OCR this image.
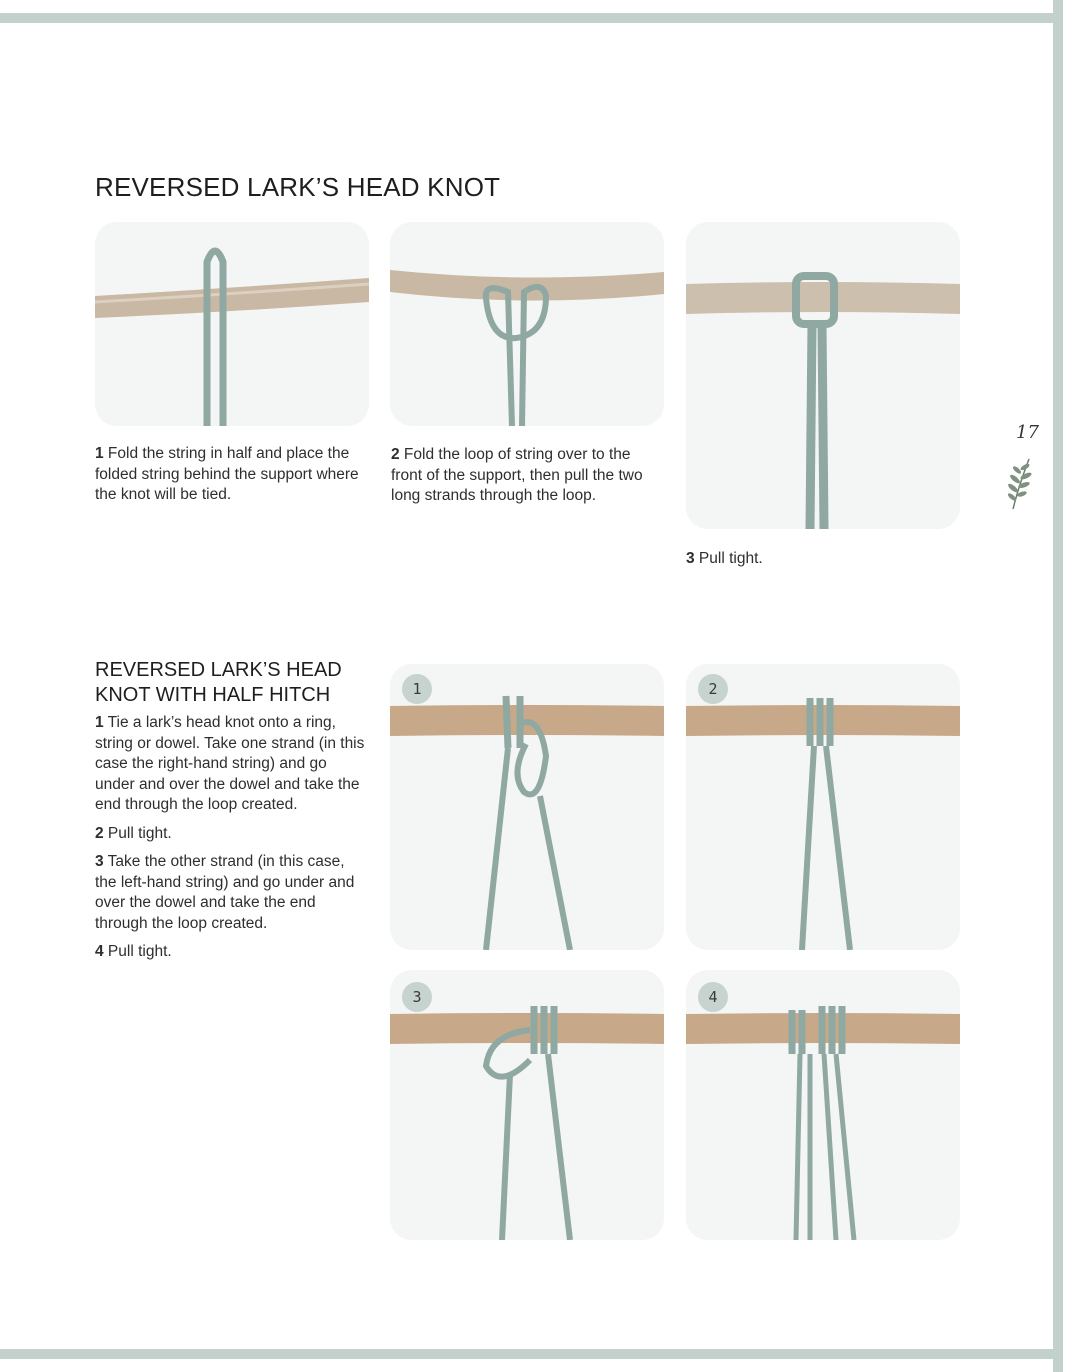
REVERSED LARK’S HEAD KNOT

1 Fold the string in half and place the folded string behind the support where the knot will be tied.

2 Fold the loop of string over to the front of the support, then pull the two long strands through the loop.

3 Pull tight.

REVERSED LARK’S HEAD KNOT WITH HALF HITCH

1 Tie a lark’s head knot onto a ring, string or dowel. Take one strand (in this case the right-hand string) and go under and over the dowel and take the end through the loop created.

2 Pull tight.

3 Take the other strand (in this case, the left-hand string) and go under and over the dowel and take the end through the loop created.

4 Pull tight.

1	2
3	4
17
